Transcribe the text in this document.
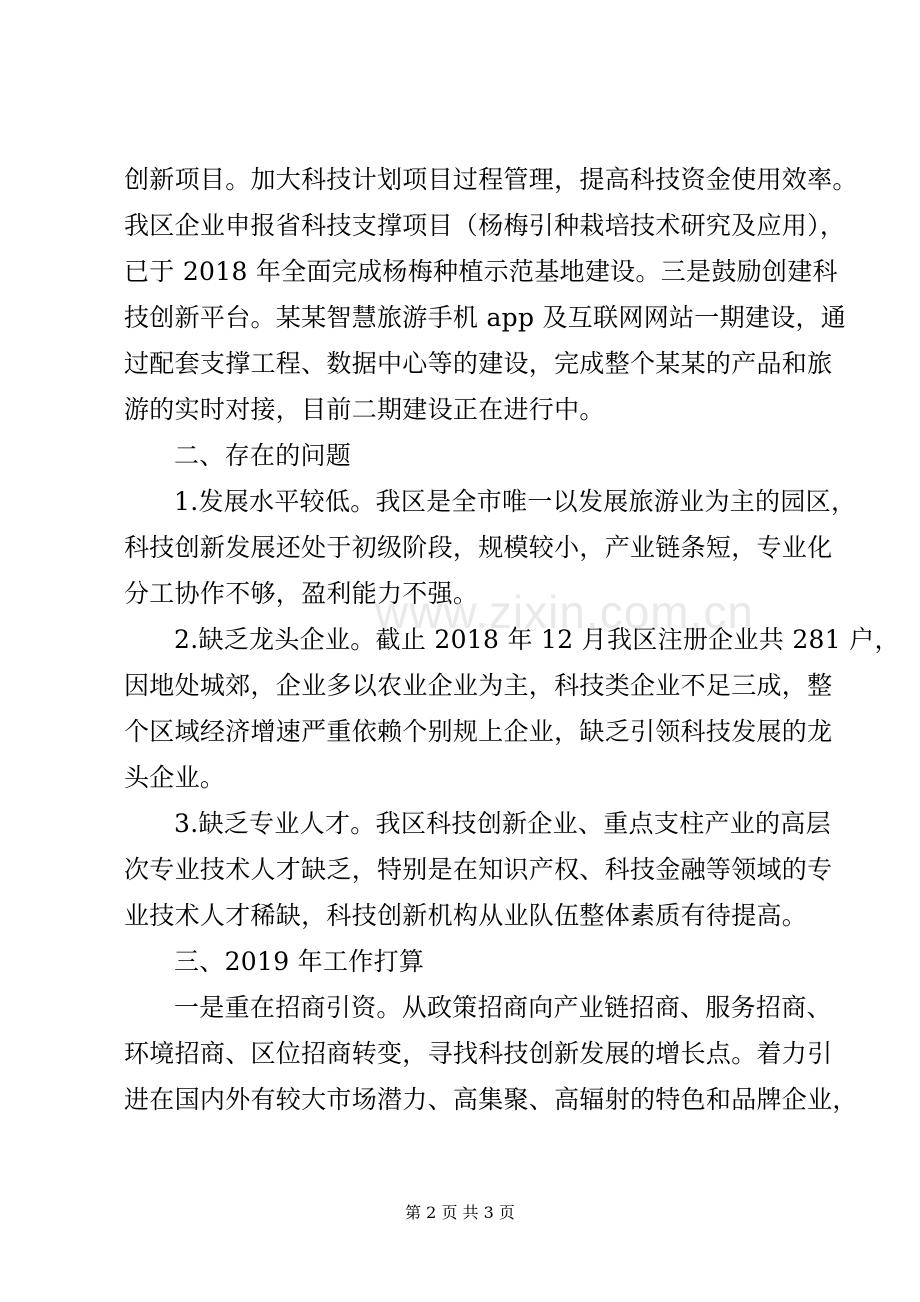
创新项目。加大科技计划项目过程管理，提高科技资金使用效率。
我区企业申报省科技支撑项目（杨梅引种栽培技术研究及应用），
已于 2018 年全面完成杨梅种植示范基地建设。三是鼓励创建科
技创新平台。某某智慧旅游手机 app 及互联网网站一期建设，通
过配套支撑工程、数据中心等的建设，完成整个某某的产品和旅
游的实时对接，目前二期建设正在进行中。
二、存在的问题
1.发展水平较低。我区是全市唯一以发展旅游业为主的园区，
科技创新发展还处于初级阶段，规模较小，产业链条短，专业化
分工协作不够，盈利能力不强。
2.缺乏龙头企业。截止 2018 年 12 月我区注册企业共 281 户，
因地处城郊，企业多以农业企业为主，科技类企业不足三成，整
个区域经济增速严重依赖个别规上企业，缺乏引领科技发展的龙
头企业。
3.缺乏专业人才。我区科技创新企业、重点支柱产业的高层
次专业技术人才缺乏，特别是在知识产权、科技金融等领域的专
业技术人才稀缺，科技创新机构从业队伍整体素质有待提高。
三、2019 年工作打算
一是重在招商引资。从政策招商向产业链招商、服务招商、
环境招商、区位招商转变，寻找科技创新发展的增长点。着力引
进在国内外有较大市场潜力、高集聚、高辐射的特色和品牌企业，
www.zixin.com.cn
第 2 页 共 3 页
